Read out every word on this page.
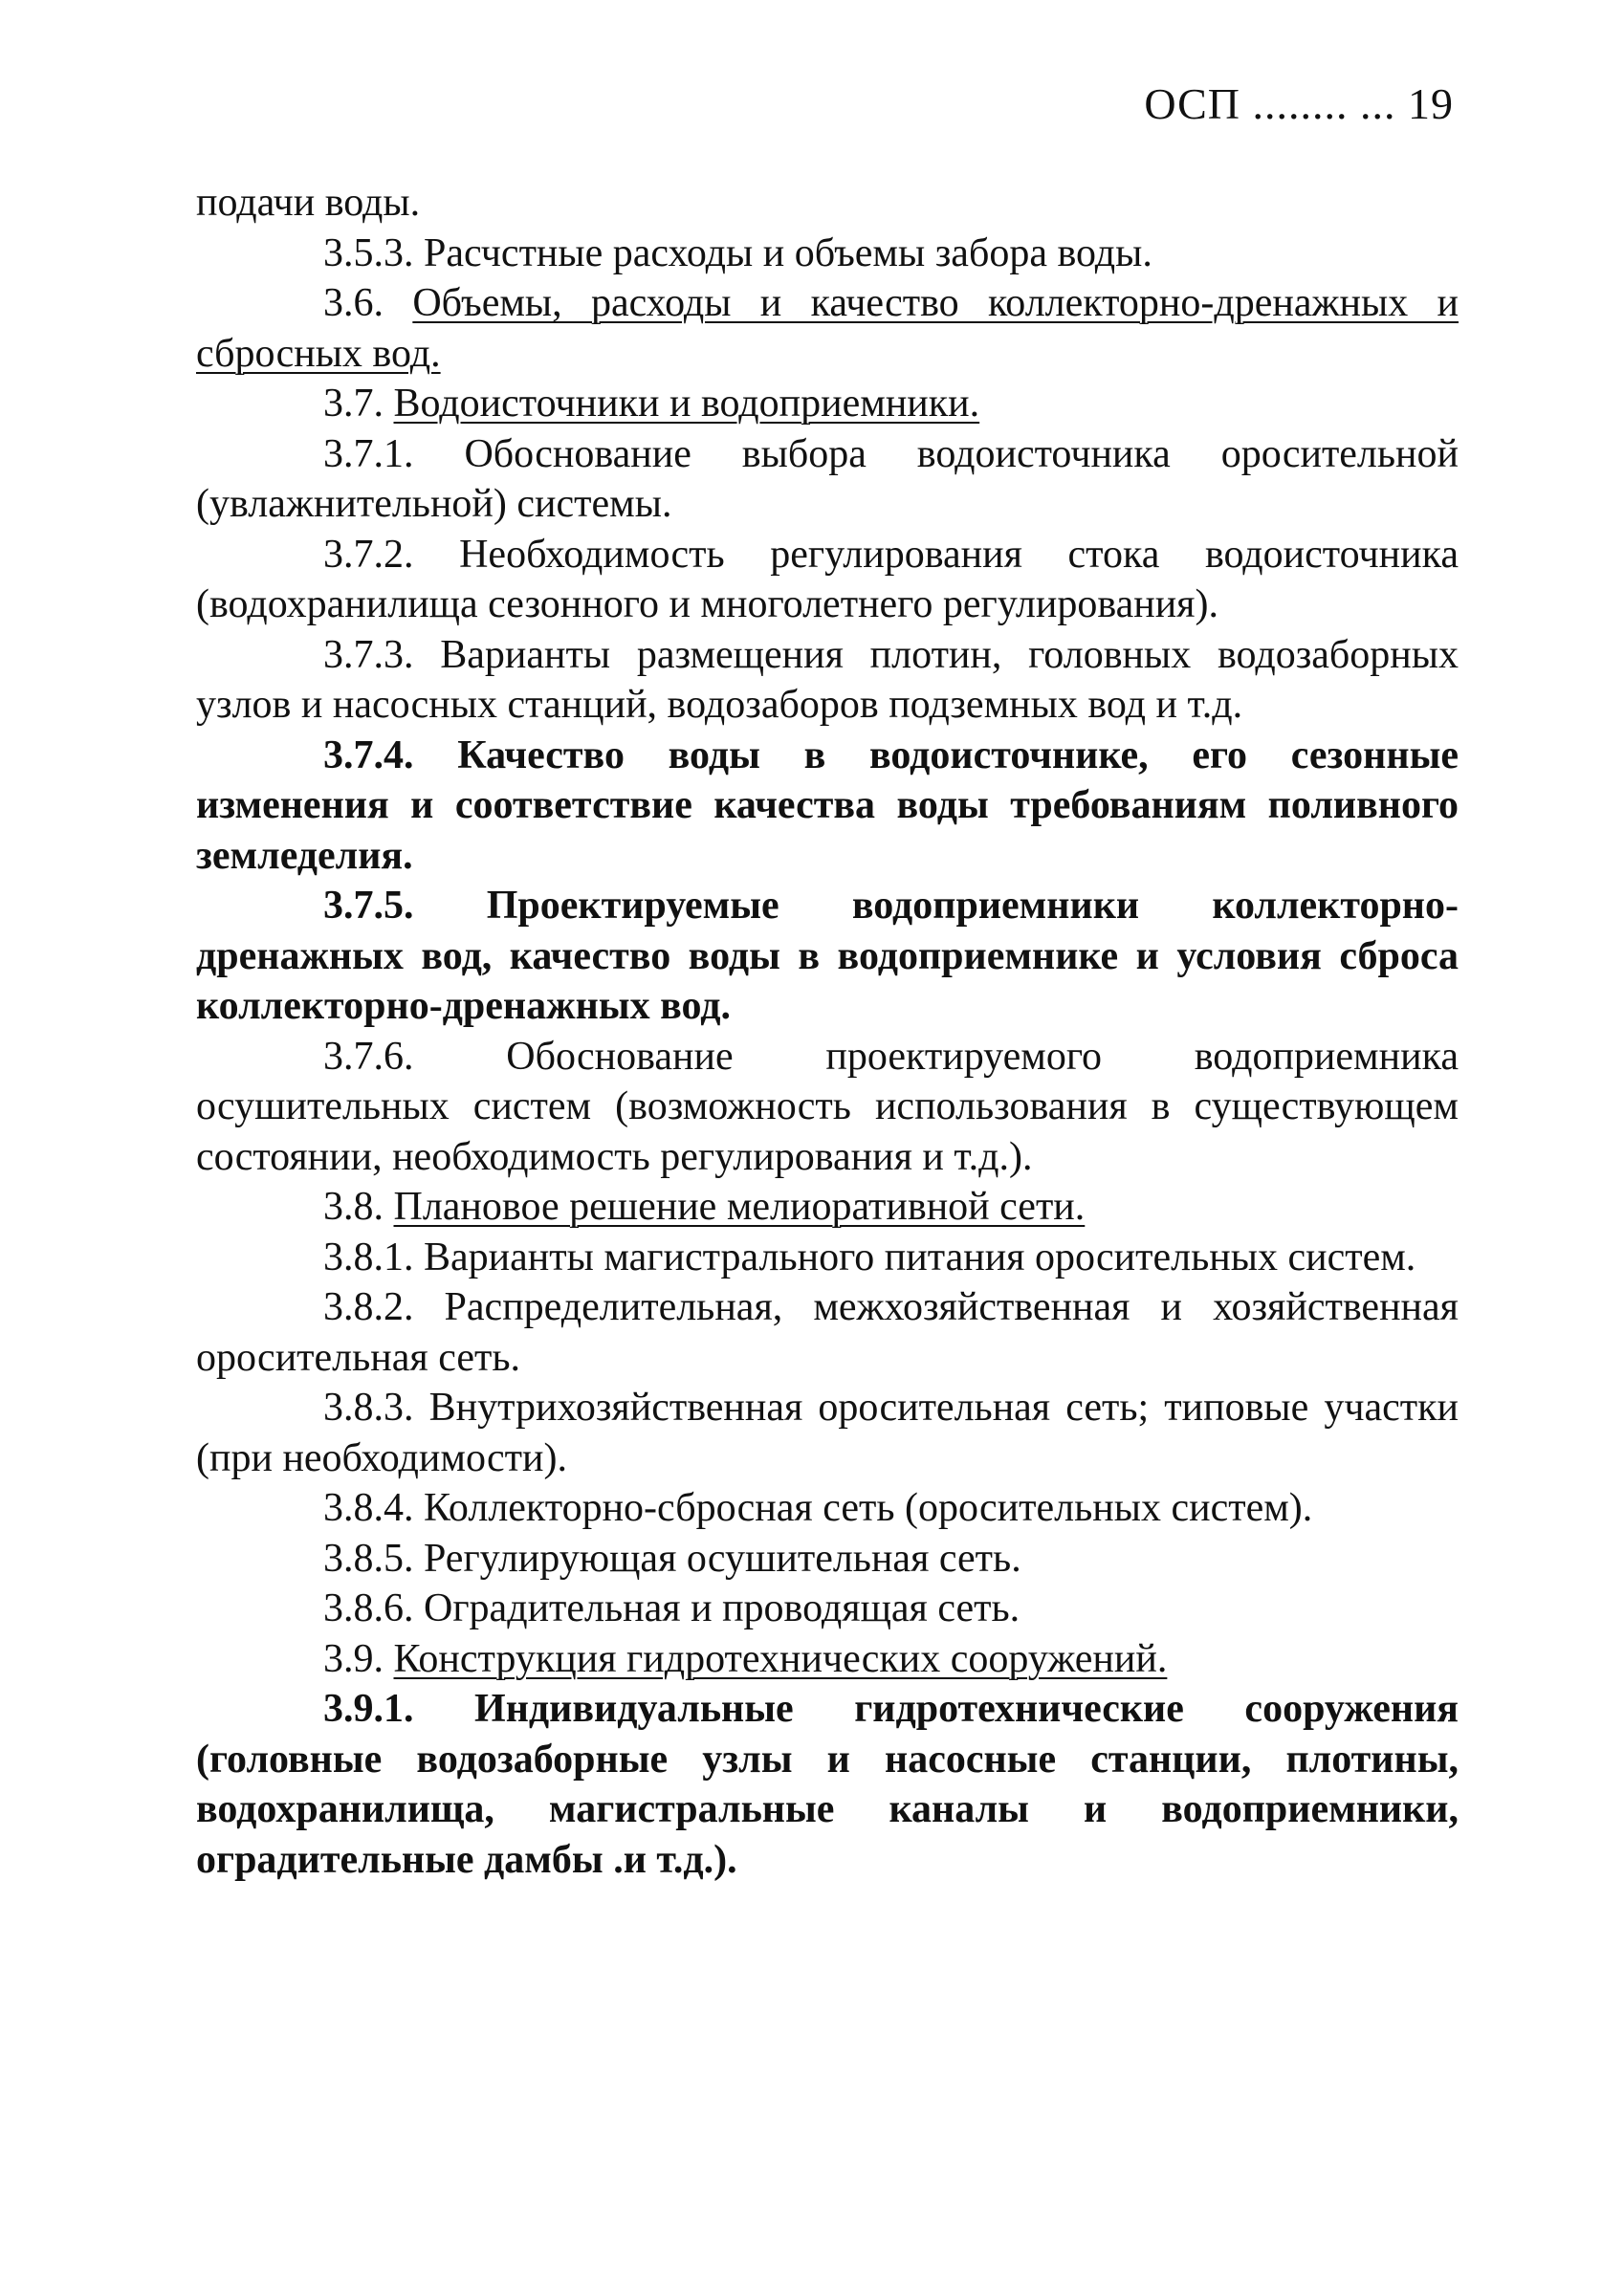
ОСП ........ ... 19

подачи воды.

3.5.3. Расчстные расходы и объемы забора воды.

3.6. Объемы, расходы и качество коллекторно-дренажных и сбросных вод.

3.7. Водоисточники и водоприемники.

3.7.1. Обоснование выбора водоисточника оросительной (увлажнительной) системы.

3.7.2. Необходимость регулирования стока водоисточника (водохранилища сезонного и многолетнего регулирования).

3.7.3. Варианты размещения плотин, головных водозаборных узлов и насосных станций, водозаборов подземных вод и т.д.

3.7.4. Качество воды в водоисточнике, его сезонные изменения и соответствие качества воды требованиям поливного земледелия.

3.7.5. Проектируемые водоприемники коллекторно-дренажных вод, качество воды в водоприемнике и условия сброса коллекторно-дренажных вод.

3.7.6. Обоснование проектируемого водоприемника осушительных систем (возможность использования в существующем состоянии, необходимость регулирования и т.д.).

3.8. Плановое решение мелиоративной сети.

3.8.1. Варианты магистрального питания оросительных систем.

3.8.2. Распределительная, межхозяйственная и хозяйственная оросительная сеть.

3.8.3. Внутрихозяйственная оросительная сеть; типовые участки (при необходимости).

3.8.4. Коллекторно-сбросная сеть (оросительных систем).

3.8.5. Регулирующая осушительная сеть.

3.8.6. Оградительная и проводящая сеть.

3.9. Конструкция гидротехнических сооружений.

3.9.1. Индивидуальные гидротехнические сооружения (головные водозаборные узлы и насосные станции, плотины, водохранилища, магистральные каналы и водоприемники, оградительные дамбы .и т.д.).
